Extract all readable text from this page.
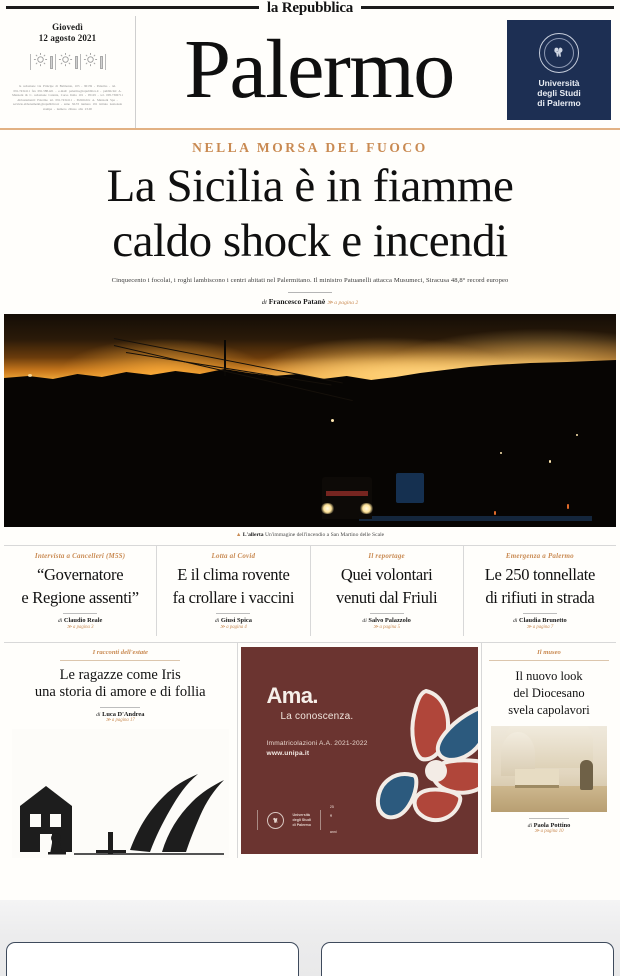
la Repubblica
Giovedì
12 agosto 2021
la redazione via Principe di Belmonte, 103 - 90139 - Palermo - tel. 091.7434111 fax 091.588.421 - e-mail: palermo@repubblica.it - pubblicità: A. Manzoni & C. redazione Catania, Corso Italia 101 - 95129 - tel. 095.7306711 Abbonamenti: Palermo tel. 091.7434111 - Pubblicità: A. Manzoni Spa - servizio.abbonamenti@repubblica.it - anno XLVI numero 191 istituto nazionale stampa - numero chiuso alle 23.00	Palermo	Università
degli Studi
di Palermo
NELLA MORSA DEL FUOCO
La Sicilia è in fiamme
caldo shock e incendi
Cinquecento i focolai, i roghi lambiscono i centri abitati nel Palermitano. Il ministro Patuanelli attacca Musumeci, Siracusa 48,8° record europeo
di Francesco Patanè ≫ a pagina 2
▲ L'allerta Un'immagine dell'incendio a San Martino delle Scale
Intervista a Cancelleri (M5S)
“Governatore
e Regione assenti”
di Claudio Reale
≫ a pagina 3
Lotta al Covid
E il clima rovente
fa crollare i vaccini
di Giusi Spica
≫ a pagina 4
Il reportage
Quei volontari
venuti dal Friuli
di Salvo Palazzolo
≫ a pagina 5
Emergenza a Palermo
Le 250 tonnellate
di rifiuti in strada
di Claudia Brunetto
≫ a pagina 7
I racconti dell'estate
Le ragazze come Iris
una storia di amore e di follia
di Luca D'Andrea
≫ a pagina 17
Ama.
La conoscenza.
Immatricolazioni A.A. 2021-2022
www.unipa.it
Università
degli Studi
di Palermo
25
°
anni
Il museo
Il nuovo look
del Diocesano
svela capolavori
di Paola Pottino
≫ a pagina 10
